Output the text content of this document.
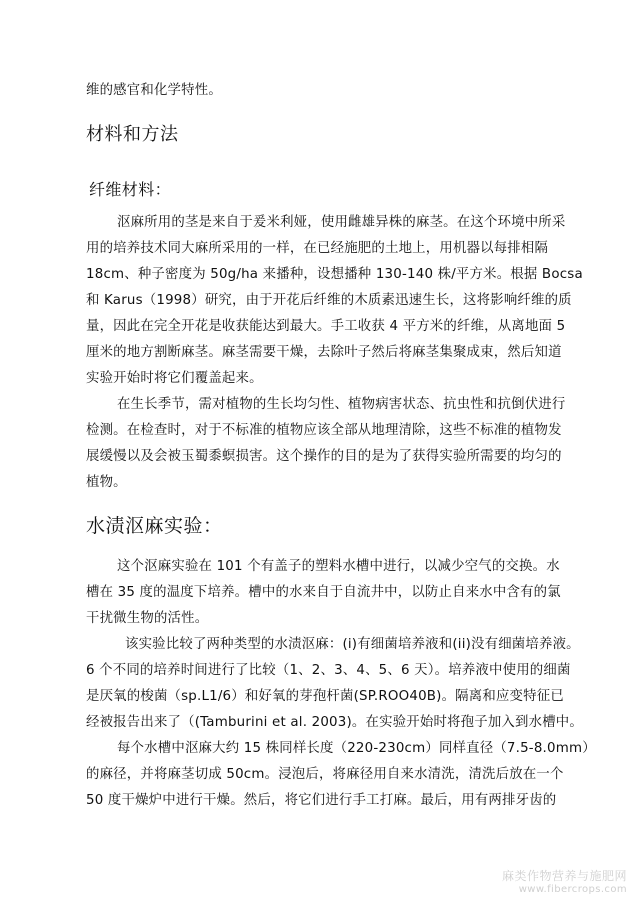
维的感官和化学特性。
材料和方法
纤维材料：
沤麻所用的茎是来自于爰米利娅，使用雌雄异株的麻茎。在这个环境中所采
用的培养技术同大麻所采用的一样，在已经施肥的土地上，用机器以每排相隔
18cm、种子密度为 50g/ha 来播种，设想播种 130-140 株/平方米。根据 Bocsa
和 Karus（1998）研究，由于开花后纤维的木质素迅速生长，这将影响纤维的质
量，因此在完全开花是收获能达到最大。手工收获 4 平方米的纤维，从离地面 5
厘米的地方割断麻茎。麻茎需要干燥，去除叶子然后将麻茎集聚成束，然后知道
实验开始时将它们覆盖起来。
在生长季节，需对植物的生长均匀性、植物病害状态、抗虫性和抗倒伏进行
检测。在检查时，对于不标准的植物应该全部从地理清除，这些不标准的植物发
展缓慢以及会被玉蜀黍螟损害。这个操作的目的是为了获得实验所需要的均匀的
植物。
水渍沤麻实验：
这个沤麻实验在 101 个有盖子的塑料水槽中进行，以减少空气的交换。水
槽在 35 度的温度下培养。槽中的水来自于自流井中，以防止自来水中含有的氯
干扰微生物的活性。
该实验比较了两种类型的水渍沤麻：(i)有细菌培养液和(ii)没有细菌培养液。
6 个不同的培养时间进行了比较（1、2、3、4、5、6 天）。培养液中使用的细菌
是厌氧的梭菌（sp.L1/6）和好氧的芽孢杆菌(SP.ROO40B)。隔离和应变特征已
经被报告出来了（(Tamburini et al. 2003)。在实验开始时将孢子加入到水槽中。
每个水槽中沤麻大约 15 株同样长度（220-230cm）同样直径（7.5-8.0mm）
的麻径，并将麻茎切成 50cm。浸泡后，将麻径用自来水清洗，清洗后放在一个
50 度干燥炉中进行干燥。然后，将它们进行手工打麻。最后，用有两排牙齿的
麻类作物营养与施肥网
www.fibercrops.com
